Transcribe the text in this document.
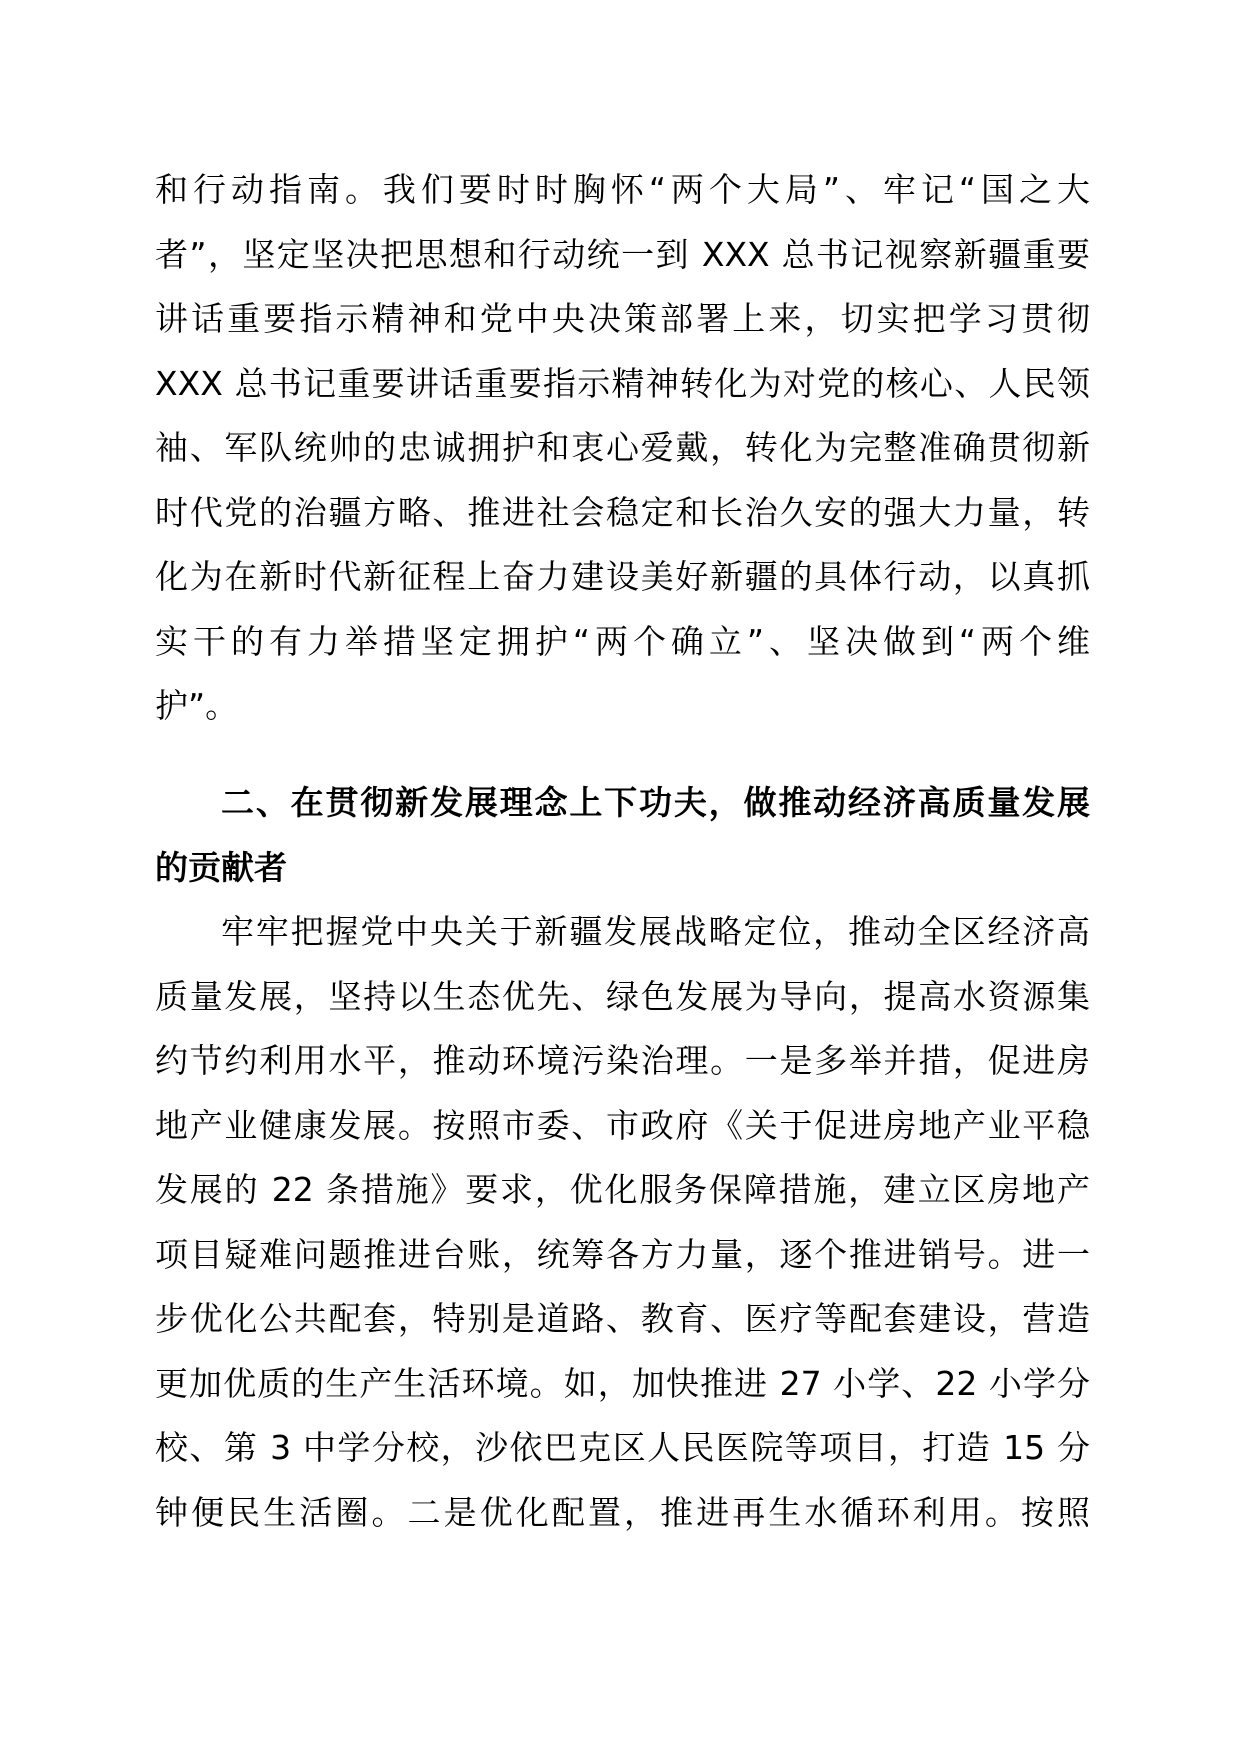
和行动指南。我们要时时胸怀“两个大局”、牢记“国之大
者”，坚定坚决把思想和行动统一到 XXX 总书记视察新疆重要
讲话重要指示精神和党中央决策部署上来，切实把学习贯彻
XXX 总书记重要讲话重要指示精神转化为对党的核心、人民领
袖、军队统帅的忠诚拥护和衷心爱戴，转化为完整准确贯彻新
时代党的治疆方略、推进社会稳定和长治久安的强大力量，转
化为在新时代新征程上奋力建设美好新疆的具体行动，以真抓
实干的有力举措坚定拥护“两个确立”、坚决做到“两个维
护”。
二、在贯彻新发展理念上下功夫，做推动经济高质量发展
的贡献者
牢牢把握党中央关于新疆发展战略定位，推动全区经济高
质量发展，坚持以生态优先、绿色发展为导向，提高水资源集
约节约利用水平，推动环境污染治理。一是多举并措，促进房
地产业健康发展。按照市委、市政府《关于促进房地产业平稳
发展的 22 条措施》要求，优化服务保障措施，建立区房地产
项目疑难问题推进台账，统筹各方力量，逐个推进销号。进一
步优化公共配套，特别是道路、教育、医疗等配套建设，营造
更加优质的生产生活环境。如，加快推进 27 小学、22 小学分
校、第 3 中学分校，沙依巴克区人民医院等项目，打造 15 分
钟便民生活圈。二是优化配置，推进再生水循环利用。按照
